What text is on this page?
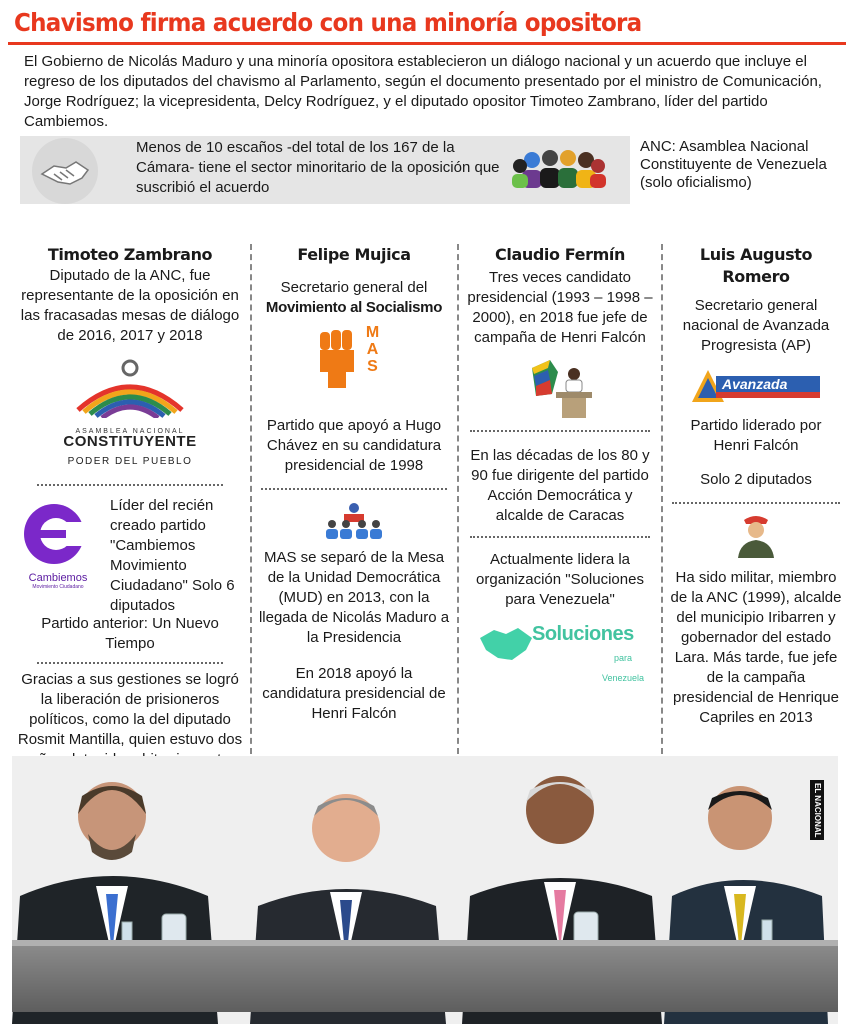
Chavismo firma acuerdo con una minoría opositora
El Gobierno de Nicolás Maduro y una minoría opositora establecieron un diálogo nacional y un acuerdo que incluye el regreso de los diputados del chavismo al Parlamento, según el documento presentado por el ministro de Comunicación, Jorge Rodríguez; la vicepresidenta, Delcy Rodríguez, y el diputado opositor Timoteo Zambrano, líder del partido Cambiemos.
Menos de 10 escaños -del total de los 167 de la Cámara- tiene el sector minoritario de la oposición que suscribió el acuerdo
ANC: Asamblea Nacional Constituyente de Venezuela (solo oficialismo)
Timoteo Zambrano
Diputado de la ANC, fue representante de la oposición en las fracasadas mesas de diálogo de 2016, 2017 y 2018
ASAMBLEA NACIONAL
CONSTITUYENTE
PODER DEL PUEBLO
Cambiemos
Movimiento Ciudadano
Líder del recién creado partido "Cambiemos Movimiento Ciudadano" Solo 6 diputados
Partido anterior: Un Nuevo Tiempo
Gracias a sus gestiones se logró la liberación de prisioneros políticos, como la del diputado Rosmit Mantilla, quien estuvo dos
Felipe Mujica
Secretario general del
Movimiento al Socialismo
MAS
Partido que apoyó a Hugo Chávez en su candidatura presidencial de 1998
MAS se separó de la Mesa de la Unidad Democrática (MUD) en 2013, con la llegada de Nicolás Maduro a la Presidencia
En 2018 apoyó la candidatura presidencial de Henri Falcón
Claudio Fermín
Tres veces candidato presidencial (1993 – 1998 – 2000), en 2018 fue jefe de campaña de Henri Falcón
En las décadas de los 80 y 90 fue dirigente del partido Acción Democrática y alcalde de Caracas
Actualmente lidera la organización "Soluciones para Venezuela"
Soluciones
para Venezuela
Luis Augusto Romero
Secretario general nacional de Avanzada Progresista (AP)
Avanzada
Progresista
Partido liderado por Henri Falcón
Solo 2 diputados
Ha sido militar, miembro de la ANC (1999), alcalde del municipio Iribarren y gobernador del estado Lara. Más tarde, fue jefe de la campaña presidencial de Henrique Capriles en 2013
EL NACIONAL
